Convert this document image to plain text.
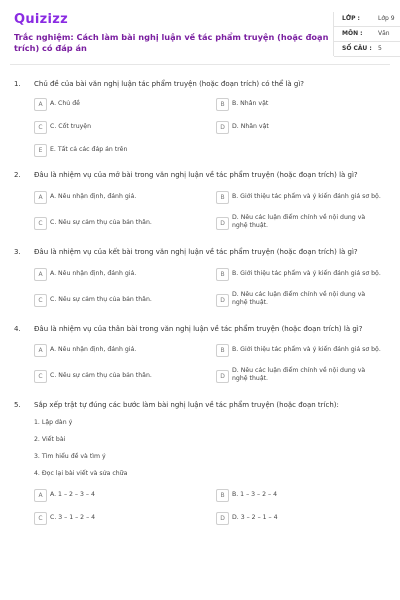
Quizizz
Trắc nghiệm: Cách làm bài nghị luận về tác phẩm truyện (hoặc đoạn trích) có đáp án
LỚP :	Lớp 9
MÔN :	Văn
SỐ CÂU : 5
1. Chủ đề của bài văn nghị luận tác phẩm truyện (hoặc đoạn trích) có thể là gì?
A	A. Chủ đề	B	B. Nhân vật
C	C. Cốt truyện	D	D. Nhân vật
E	E. Tất cả các đáp án trên
2. Đâu là nhiệm vụ của mở bài trong văn nghị luận về tác phẩm truyện (hoặc đoạn trích) là gì?
A	A. Nêu nhận định, đánh giá.	B	B. Giới thiệu tác phẩm và ý kiến đánh giá sơ bộ.
C	C. Nêu sự cảm thụ của bản thân.	D
D. Nêu các luận điểm chính về nội dung và nghệ thuật.
3. Đâu là nhiệm vụ của kết bài trong văn nghị luận về tác phẩm truyện (hoặc đoạn trích) là gì?
A	A. Nêu nhận định, đánh giá.	B	B. Giới thiệu tác phẩm và ý kiến đánh giá sơ bộ.
C	C. Nêu sự cảm thụ của bản thân.	D
D. Nêu các luận điểm chính về nội dung và nghệ thuật.
4. Đâu là nhiệm vụ của thân bài trong văn nghị luận về tác phẩm truyện (hoặc đoạn trích) là gì?
A	A. Nêu nhận định, đánh giá.	B	B. Giới thiệu tác phẩm và ý kiến đánh giá sơ bộ.
C	C. Nêu sự cảm thụ của bản thân.	D
D. Nêu các luận điểm chính về nội dung và nghệ thuật.
5. Sắp xếp trật tự đúng các bước làm bài nghị luận về tác phẩm truyện (hoặc đoạn trích):
1. Lập dàn ý
2. Viết bài
3. Tìm hiểu đề và tìm ý
4. Đọc lại bài viết và sửa chữa
A	A. 1 – 2 – 3 – 4	B	B. 1 – 3 – 2 – 4
C	C. 3 – 1 – 2 – 4	D	D. 3 – 2 – 1 – 4
